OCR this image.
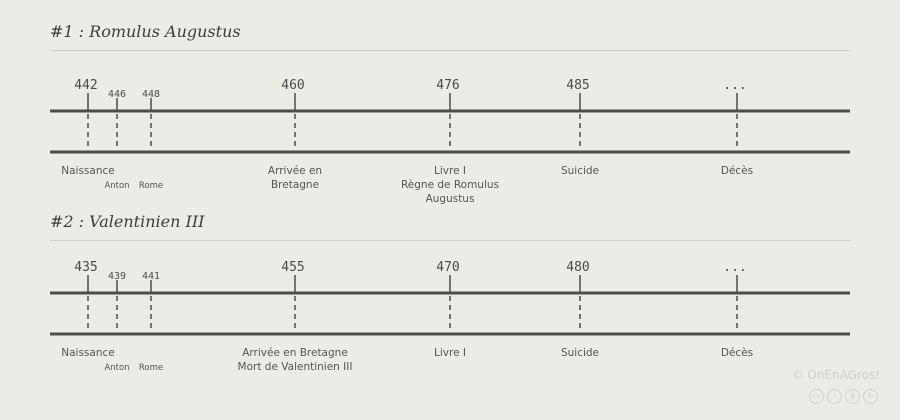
#1 : Romulus Augustus
442
Naissance
446
Anton
448
Rome
460
Arrivée en Bretagne
476
Livre I Règne de Romulus Augustus
485
Suicide
...
Décès
#2 : Valentinien III
435
Naissance
439
Anton
441
Rome
455
Arrivée en Bretagne Mort de Valentinien III
470
Livre I
480
Suicide
...
Décès
© OnEnAGros!
cc	i	$	↻
